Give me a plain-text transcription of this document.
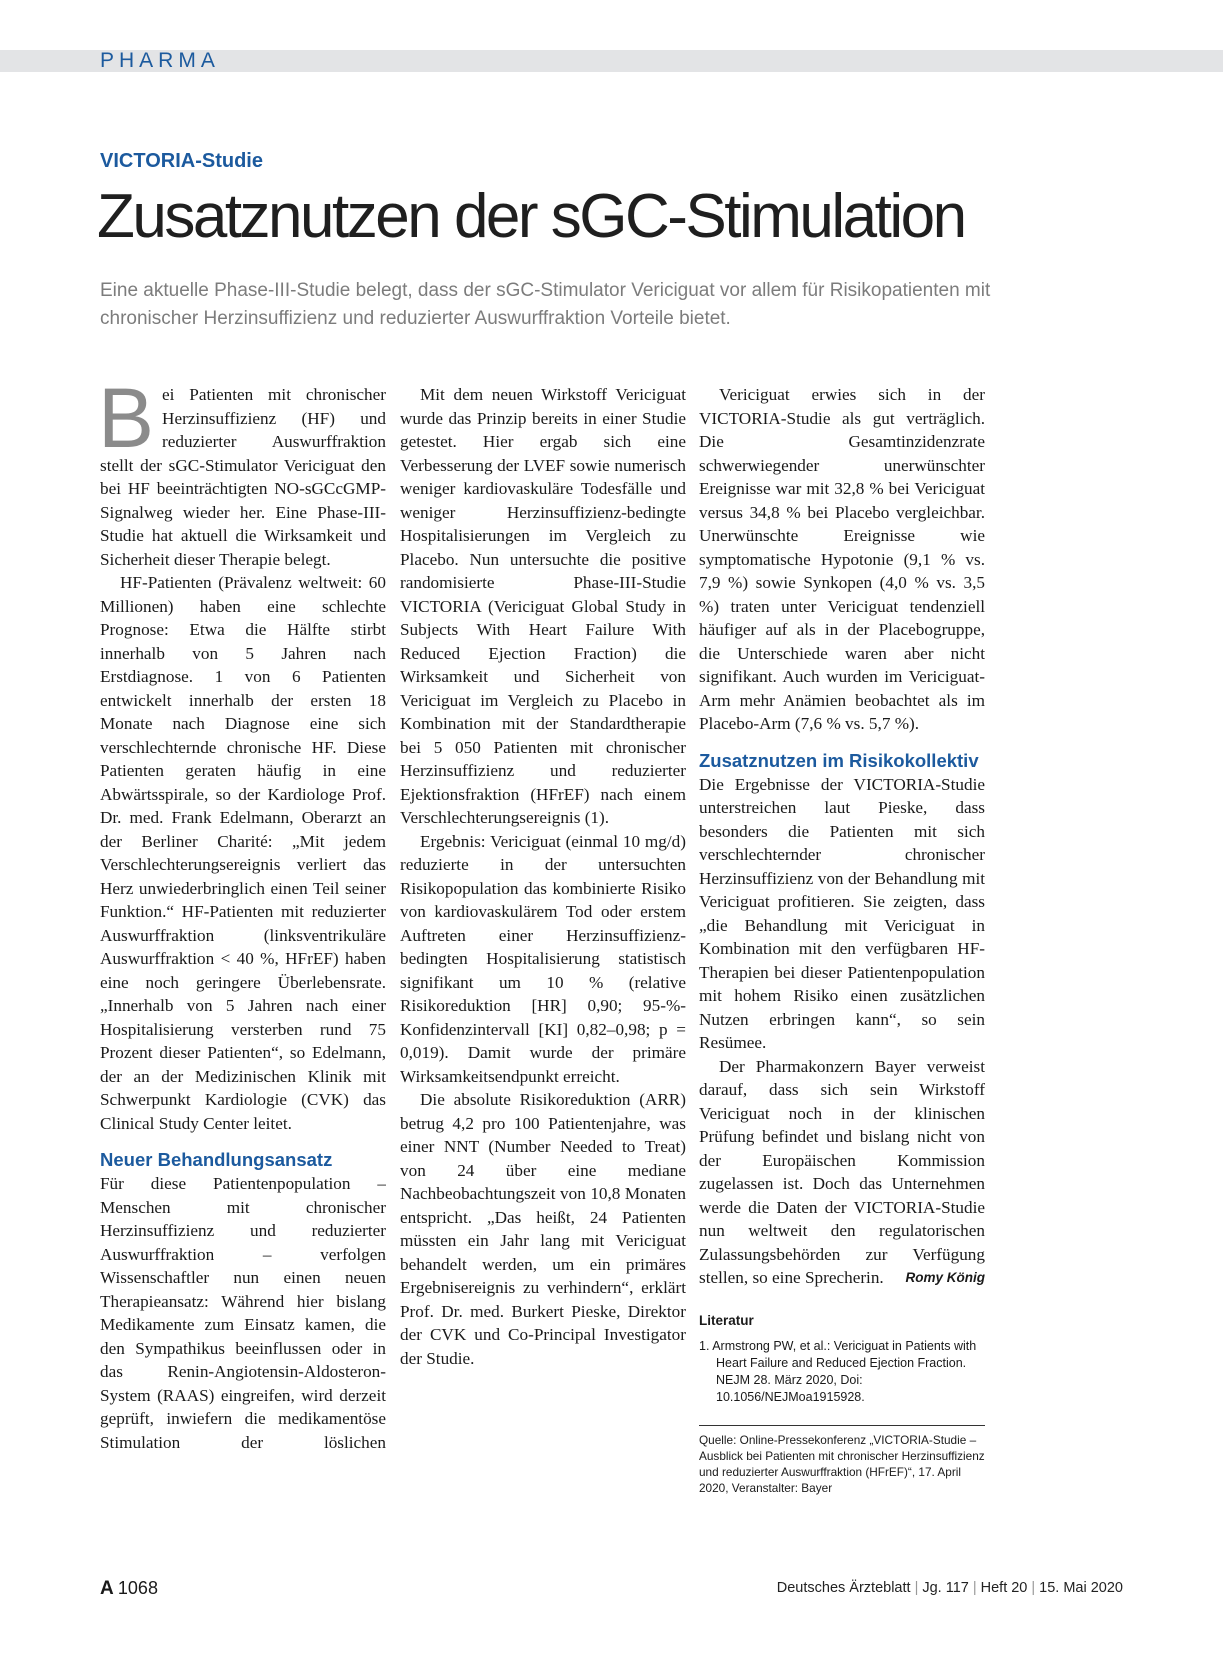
PHARMA
VICTORIA-Studie
Zusatznutzen der sGC-Stimulation
Eine aktuelle Phase-III-Studie belegt, dass der sGC-Stimulator Vericiguat vor allem für Risikopatienten mit chronischer Herzinsuffizienz und reduzierter Auswurffraktion Vorteile bietet.

Bei Patienten mit chronischer Herzinsuffizienz (HF) und reduzierter Auswurffraktion stellt der sGC-Stimulator Vericiguat den bei HF beeinträchtigten NO-sGCcGMP-Signalweg wieder her. Eine Phase-III-Studie hat aktuell die Wirksamkeit und Sicherheit dieser Therapie belegt.

HF-Patienten (Prävalenz weltweit: 60 Millionen) haben eine schlechte Prognose: Etwa die Hälfte stirbt innerhalb von 5 Jahren nach Erstdiagnose. 1 von 6 Patienten entwickelt innerhalb der ersten 18 Monate nach Diagnose eine sich verschlechternde chronische HF. Diese Patienten geraten häufig in eine Abwärtsspirale, so der Kardiologe Prof. Dr. med. Frank Edelmann, Oberarzt an der Berliner Charité: „Mit jedem Verschlechterungsereignis verliert das Herz unwiederbringlich einen Teil seiner Funktion.“ HF-Patienten mit reduzierter Auswurffraktion (linksventrikuläre Auswurffraktion < 40 %, HFrEF) haben eine noch geringere Überlebensrate. „Innerhalb von 5 Jahren nach einer Hospitalisierung versterben rund 75 Prozent dieser Patienten“, so Edelmann, der an der Medizinischen Klinik mit Schwerpunkt Kardiologie (CVK) das Clinical Study Center leitet.

Neuer Behandlungsansatz

Für diese Patientenpopulation – Menschen mit chronischer Herzinsuffizienz und reduzierter Auswurffraktion – verfolgen Wissenschaftler nun einen neuen Therapieansatz: Während hier bislang Medikamente zum Einsatz kamen, die den Sympathikus beeinflussen oder in das Renin-Angiotensin-Aldosteron-System (RAAS) eingreifen, wird derzeit geprüft, inwiefern die medikamentöse Stimulation der löslichen

Mit dem neuen Wirkstoff Vericiguat wurde das Prinzip bereits in einer Studie getestet. Hier ergab sich eine Verbesserung der LVEF sowie numerisch weniger kardiovaskuläre Todesfälle und weniger Herzinsuffizienz-bedingte Hospitalisierungen im Vergleich zu Placebo. Nun untersuchte die positive randomisierte Phase-III-Studie VICTORIA (Vericiguat Global Study in Subjects With Heart Failure With Reduced Ejection Fraction) die Wirksamkeit und Sicherheit von Vericiguat im Vergleich zu Placebo in Kombination mit der Standardtherapie bei 5 050 Patienten mit chronischer Herzinsuffizienz und reduzierter Ejektionsfraktion (HFrEF) nach einem Verschlechterungsereignis (1).

Ergebnis: Vericiguat (einmal 10 mg/d) reduzierte in der untersuchten Risikopopulation das kombinierte Risiko von kardiovaskulärem Tod oder erstem Auftreten einer Herzinsuffizienz-bedingten Hospitalisierung statistisch signifikant um 10 % (relative Risikoreduktion [HR] 0,90; 95-%-Konfidenzintervall [KI] 0,82–0,98; p = 0,019). Damit wurde der primäre Wirksamkeitsendpunkt erreicht.

Die absolute Risikoreduktion (ARR) betrug 4,2 pro 100 Patientenjahre, was einer NNT (Number Needed to Treat) von 24 über eine mediane Nachbeobachtungszeit von 10,8 Monaten entspricht. „Das heißt, 24 Patienten müssten ein Jahr lang mit Vericiguat behandelt werden, um ein primäres Ergebnisereignis zu verhindern“, erklärt Prof. Dr. med. Burkert Pieske, Direktor der CVK und Co-Principal Investigator der Studie.

Vericiguat erwies sich in der VICTORIA-Studie als gut verträglich. Die Gesamtinzidenzrate schwerwiegender unerwünschter Ereignisse war mit 32,8 % bei Vericiguat versus 34,8 % bei Placebo vergleichbar. Unerwünschte Ereignisse wie symptomatische Hypotonie (9,1 % vs. 7,9 %) sowie Synkopen (4,0 % vs. 3,5 %) traten unter Vericiguat tendenziell häufiger auf als in der Placebogruppe, die Unterschiede waren aber nicht signifikant. Auch wurden im Vericiguat-Arm mehr Anämien beobachtet als im Placebo-Arm (7,6 % vs. 5,7 %).

Zusatznutzen im Risikokollektiv

Die Ergebnisse der VICTORIA-Studie unterstreichen laut Pieske, dass besonders die Patienten mit sich verschlechternder chronischer Herzinsuffizienz von der Behandlung mit Vericiguat profitieren. Sie zeigten, dass „die Behandlung mit Vericiguat in Kombination mit den verfügbaren HF-Therapien bei dieser Patientenpopulation mit hohem Risiko einen zusätzlichen Nutzen erbringen kann“, so sein Resümee.

Der Pharmakonzern Bayer verweist darauf, dass sich sein Wirkstoff Vericiguat noch in der klinischen Prüfung befindet und bislang nicht von der Europäischen Kommission zugelassen ist. Doch das Unternehmen werde die Daten der VICTORIA-Studie nun weltweit den regulatorischen Zulassungsbehörden zur Verfügung stellen, so eine Sprecherin.	Romy König

Literatur
1. Armstrong PW, et al.: Vericiguat in Patients with Heart Failure and Reduced Ejection Fraction. NEJM 28. März 2020, Doi: 10.1056/NEJMoa1915928.
Quelle: Online-Pressekonferenz „VICTORIA-Studie – Ausblick bei Patienten mit chronischer Herzinsuffizienz und reduzierter Auswurffraktion (HFrEF)“, 17. April 2020, Veranstalter: Bayer
A 1068	Deutsches Ärzteblatt | Jg. 117 | Heft 20 | 15. Mai 2020
